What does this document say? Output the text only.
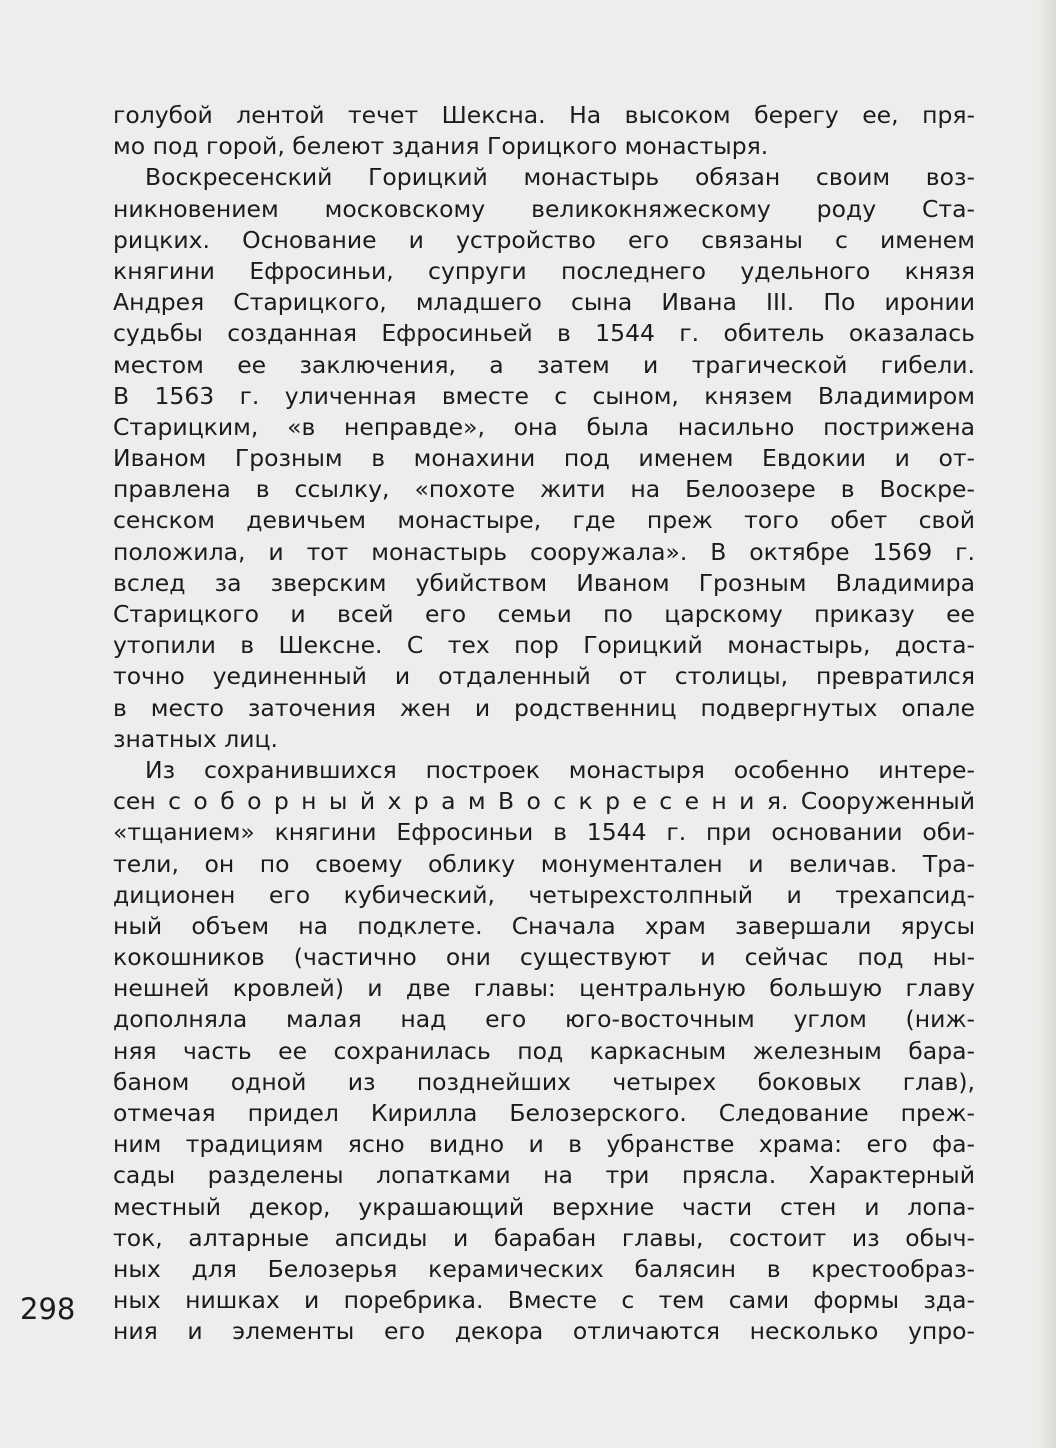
голубой лентой течет Шексна. На высоком берегу ее, пря-
мо под горой, белеют здания Горицкого монастыря.
Воскресенский Горицкий монастырь обязан своим воз-
никновением московскому великокняжескому роду Ста-
рицких. Основание и устройство его связаны с именем
княгини Ефросиньи, супруги последнего удельного князя
Андрея Старицкого, младшего сына Ивана III. По иронии
судьбы созданная Ефросиньей в 1544 г. обитель оказалась
местом ее заключения, а затем и трагической гибели.
В 1563 г. уличенная вместе с сыном, князем Владимиром
Старицким, «в неправде», она была насильно пострижена
Иваном Грозным в монахини под именем Евдокии и от-
правлена в ссылку, «похоте жити на Белоозере в Воскре-
сенском девичьем монастыре, где преж того обет свой
положила, и тот монастырь сооружала». В октябре 1569 г.
вслед за зверским убийством Иваном Грозным Владимира
Старицкого и всей его семьи по царскому приказу ее
утопили в Шексне. С тех пор Горицкий монастырь, доста-
точно уединенный и отдаленный от столицы, превратился
в место заточения жен и родственниц подвергнутых опале
знатных лиц.
Из сохранившихся построек монастыря особенно интере-
сен с о б о р н ы й х р а м В о с к р е с е н и я. Сооруженный
«тщанием» княгини Ефросиньи в 1544 г. при основании оби-
тели, он по своему облику монументален и величав. Тра-
диционен его кубический, четырехстолпный и трехапсид-
ный объем на подклете. Сначала храм завершали ярусы
кокошников (частично они существуют и сейчас под ны-
нешней кровлей) и две главы: центральную большую главу
дополняла малая над его юго-восточным углом (ниж-
няя часть ее сохранилась под каркасным железным бара-
баном одной из позднейших четырех боковых глав),
отмечая придел Кирилла Белозерского. Следование преж-
ним традициям ясно видно и в убранстве храма: его фа-
сады разделены лопатками на три прясла. Характерный
местный декор, украшающий верхние части стен и лопа-
ток, алтарные апсиды и барабан главы, состоит из обыч-
ных для Белозерья керамических балясин в крестообраз-
ных нишках и поребрика. Вместе с тем сами формы зда-
ния и элементы его декора отличаются несколько упро-
298
